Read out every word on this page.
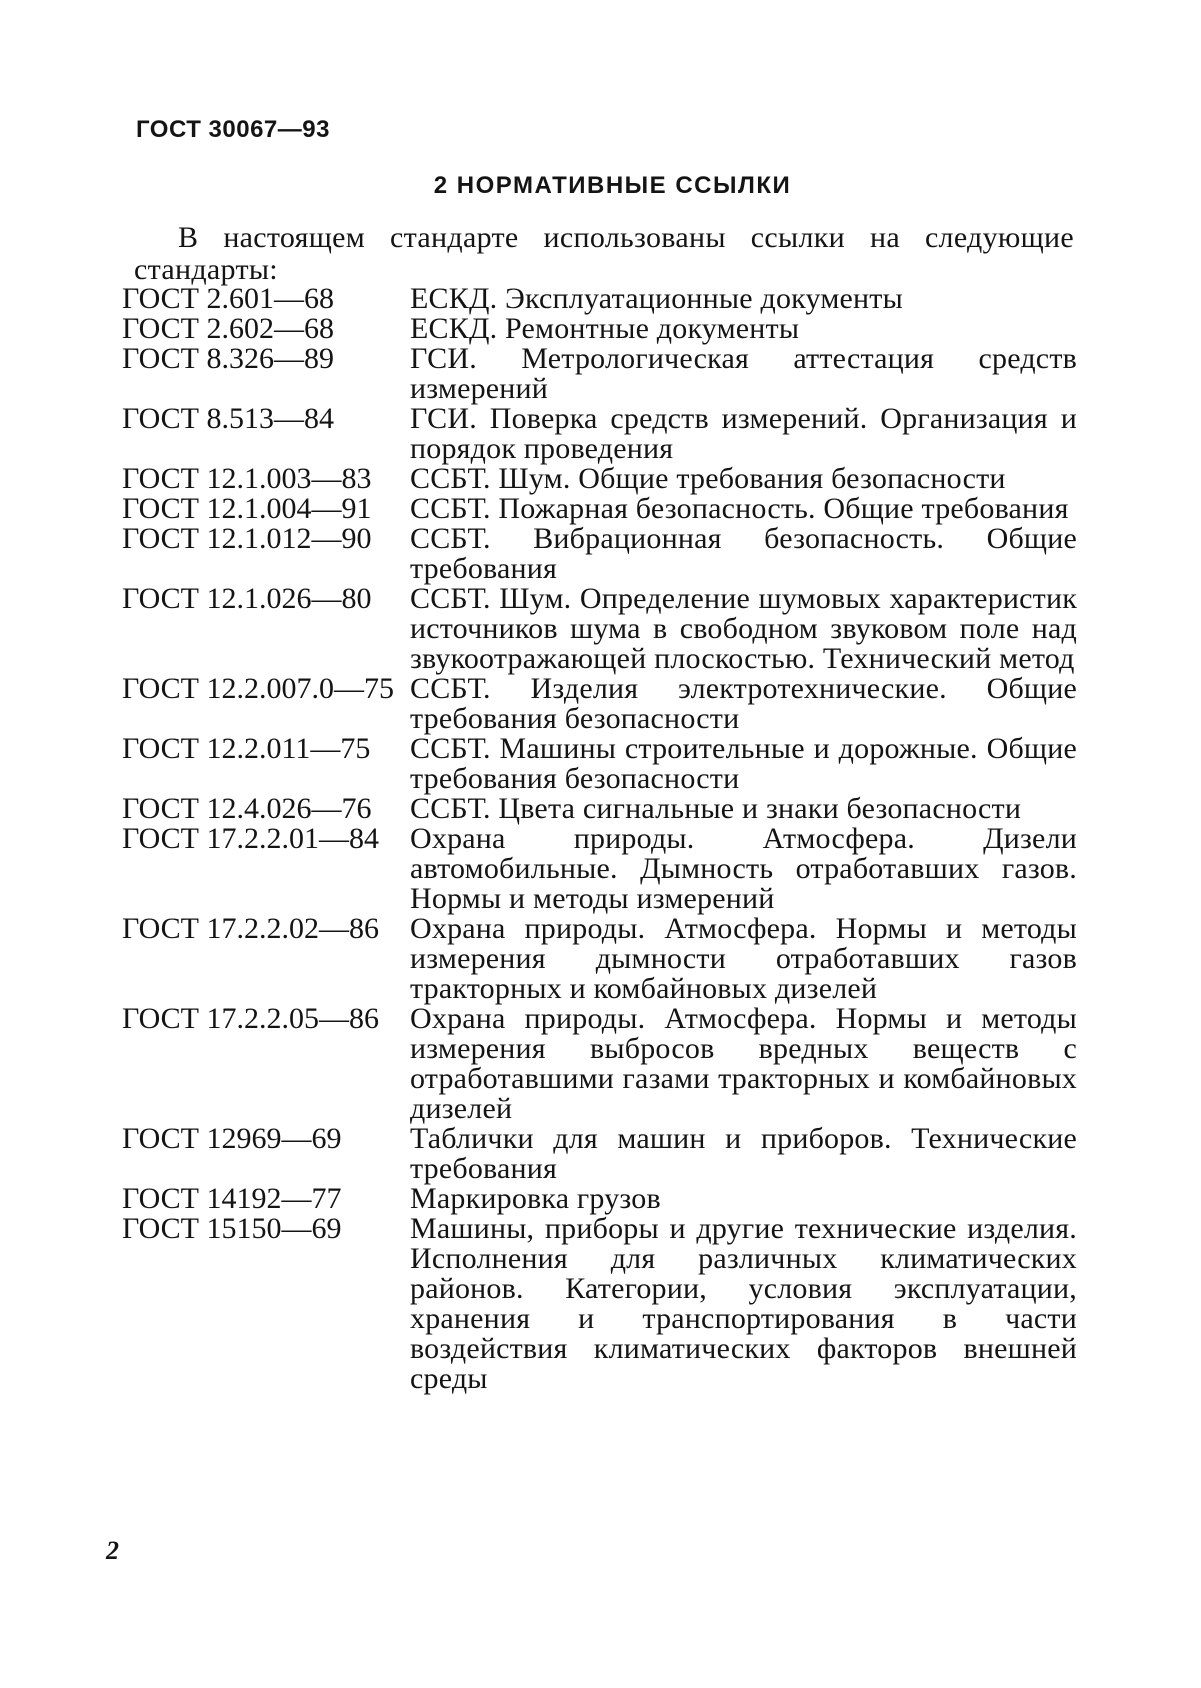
ГОСТ 30067—93
2 НОРМАТИВНЫЕ ССЫЛКИ
В настоящем стандарте использованы ссылки на следующие стандарты:
ГОСТ 2.601—68	ЕСКД. Эксплуатационные документы
ГОСТ 2.602—68	ЕСКД. Ремонтные документы
ГОСТ 8.326—89	ГСИ. Метрологическая аттестация средств измерений
ГОСТ 8.513—84	ГСИ. Поверка средств измерений. Организация и порядок проведения
ГОСТ 12.1.003—83	ССБТ. Шум. Общие требования безопасности
ГОСТ 12.1.004—91	ССБТ. Пожарная безопасность. Общие требования
ГОСТ 12.1.012—90	ССБТ. Вибрационная безопасность. Общие требования
ГОСТ 12.1.026—80	ССБТ. Шум. Определение шумовых характеристик источников шума в свободном звуковом поле над звукоотражающей плоскостью. Технический метод
ГОСТ 12.2.007.0—75 ССБТ. Изделия электротехнические. Общие требования безопасности
ГОСТ 12.2.011—75	ССБТ. Машины строительные и дорожные. Общие требования безопасности
ГОСТ 12.4.026—76	ССБТ. Цвета сигнальные и знаки безопасности
ГОСТ 17.2.2.01—84	Охрана природы. Атмосфера. Дизели автомобильные. Дымность отработавших газов. Нормы и методы измерений
ГОСТ 17.2.2.02—86	Охрана природы. Атмосфера. Нормы и методы измерения дымности отработавших газов тракторных и комбайновых дизелей
ГОСТ 17.2.2.05—86	Охрана природы. Атмосфера. Нормы и методы измерения выбросов вредных веществ с отработавшими газами тракторных и комбайновых дизелей
ГОСТ 12969—69	Таблички для машин и приборов. Технические требования
ГОСТ 14192—77	Маркировка грузов
ГОСТ 15150—69	Машины, приборы и другие технические изделия. Исполнения для различных климатических районов. Категории, условия эксплуатации, хранения и транспортирования в части воздействия климатических факторов внешней среды
2
